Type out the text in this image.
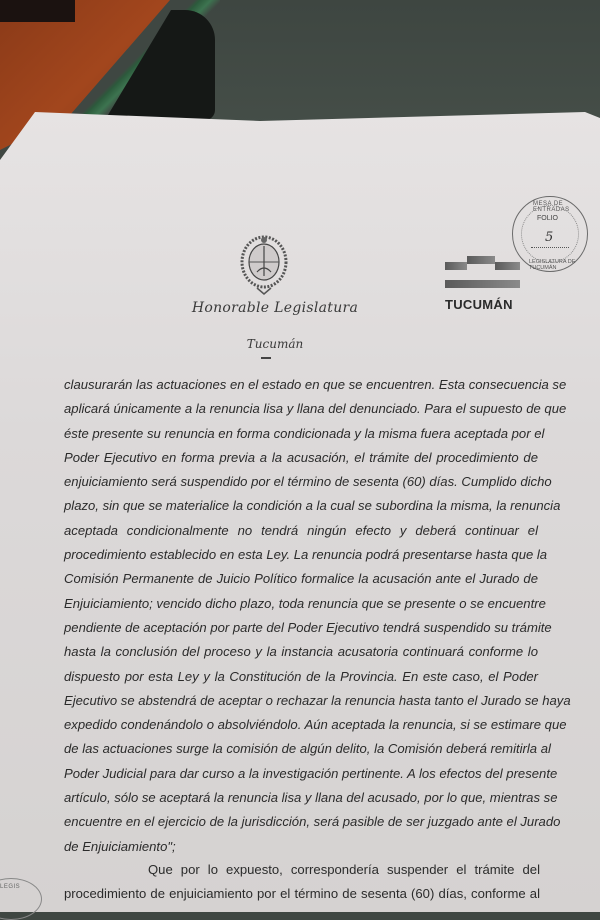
Honorable Legislatura
Tucumán
TUCUMÁN
MESA DE ENTRADAS
FOLIO
5
LEGISLATURA DE TUCUMÁN
clausurarán las actuaciones en el estado en que se encuentren. Esta consecuencia se
aplicará únicamente a la renuncia lisa y llana del denunciado. Para el supuesto de que
éste presente su renuncia en forma condicionada y la misma fuera aceptada por el
Poder Ejecutivo en forma previa a la acusación, el trámite del procedimiento de
enjuiciamiento será suspendido por el término de sesenta (60) días. Cumplido dicho
plazo, sin que se materialice la condición a la cual se subordina la misma, la renuncia
aceptada condicionalmente no tendrá ningún efecto y deberá continuar el
procedimiento establecido en esta Ley. La renuncia podrá presentarse hasta que la
Comisión Permanente de Juicio Político formalice la acusación ante el Jurado de
Enjuiciamiento; vencido dicho plazo, toda renuncia que se presente o se encuentre
pendiente de aceptación por parte del Poder Ejecutivo tendrá suspendido su trámite
hasta la conclusión del proceso y la instancia acusatoria continuará conforme lo
dispuesto por esta Ley y la Constitución de la Provincia. En este caso, el Poder
Ejecutivo se abstendrá de aceptar o rechazar la renuncia hasta tanto el Jurado se haya
expedido condenándolo o absolviéndolo. Aún aceptada la renuncia, si se estimare que
de las actuaciones surge la comisión de algún delito, la Comisión deberá remitirla al
Poder Judicial para dar curso a la investigación pertinente. A los efectos del presente
artículo, sólo se aceptará la renuncia lisa y llana del acusado, por lo que, mientras se
encuentre en el ejercicio de la jurisdicción, será pasible de ser juzgado ante el Jurado
de Enjuiciamiento";
Que por lo expuesto, correspondería suspender el trámite del
procedimiento de enjuiciamiento por el término de sesenta (60) días, conforme al
LEGIS
